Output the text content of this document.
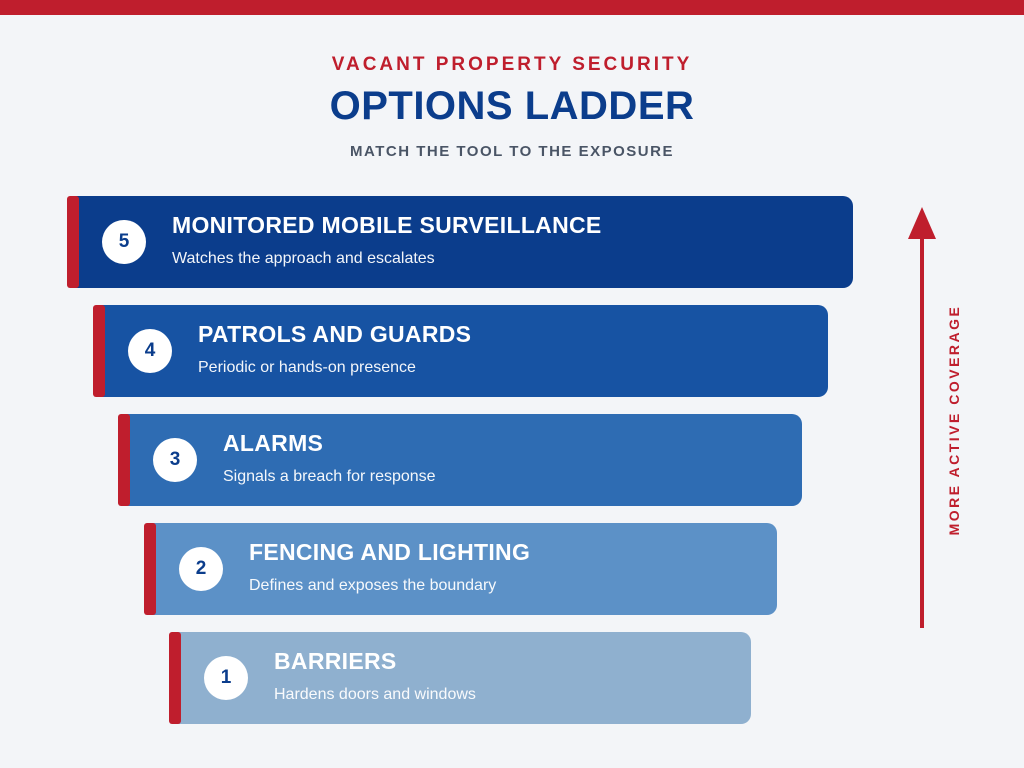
VACANT PROPERTY SECURITY
OPTIONS LADDER
MATCH THE TOOL TO THE EXPOSURE
5
MONITORED MOBILE SURVEILLANCE
Watches the approach and escalates
4
PATROLS AND GUARDS
Periodic or hands-on presence
3
ALARMS
Signals a breach for response
2
FENCING AND LIGHTING
Defines and exposes the boundary
1
BARRIERS
Hardens doors and windows
MORE ACTIVE COVERAGE
